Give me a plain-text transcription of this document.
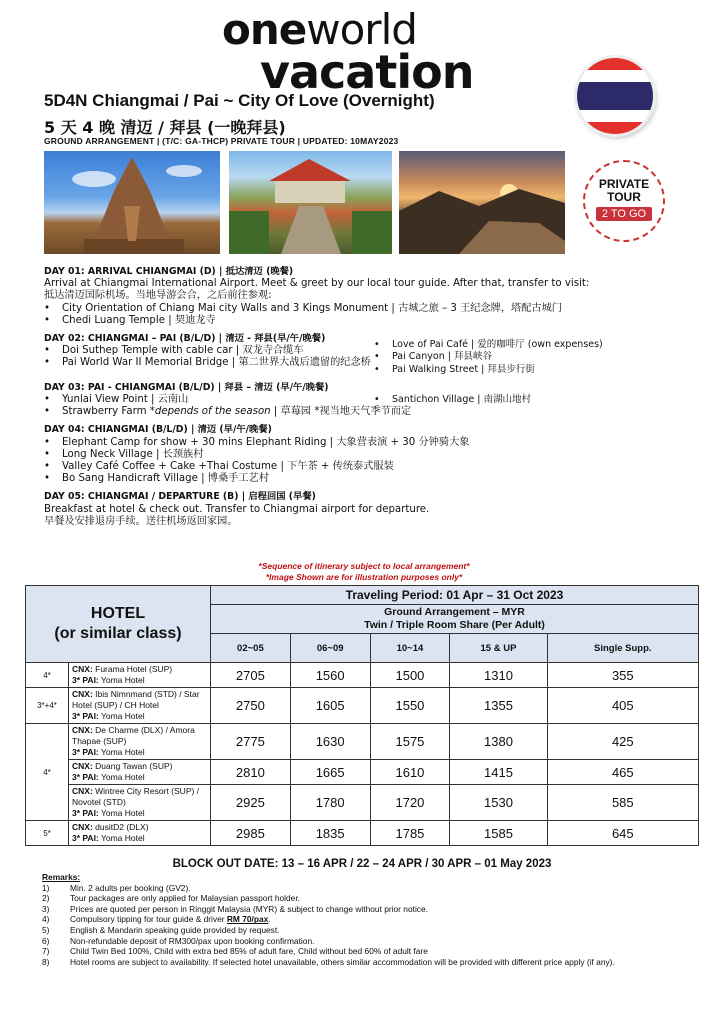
oneworld
vacation
5D4N Chiangmai / Pai ~ City Of Love (Overnight)
5 天 4 晚 清迈 / 拜县 (一晚拜县)
GROUND ARRANGEMENT | (T/C: GA-THCP) PRIVATE TOUR | UPDATED: 10MAY2023
PRIVATE
TOUR
2 TO GO

DAY 01: ARRIVAL CHIANGMAI (D) | 抵达清迈 (晚餐)

Arrival at Chiangmai International Airport. Meet & greet by our local tour guide. After that, transfer to visit:

抵达清迈国际机场。当地导游会合，之后前往参观:

• City Orientation of Chiang Mai city Walls and 3 Kings Monument | 古城之旅 – 3 王纪念牌，塔配古城门
• Chedi Luang Temple | 契迪龙寺

DAY 02: CHIANGMAI – PAI (B/L/D) | 清迈 - 拜县(早/午/晚餐)

• Doi Suthep Temple with cable car | 双龙寺合缆车
• Pai World War II Memorial Bridge | 第二世界大战后遗留的纪念桥
• Love of Pai Café | 爱的咖啡厅 (own expenses)
• Pai Canyon | 拜县峡谷
• Pai Walking Street | 拜县步行街

DAY 03: PAI - CHIANGMAI (B/L/D) | 拜县 – 清迈 (早/午/晚餐)

• Yunlai View Point | 云南山	• Santichon Village | 南湖山地村
• Strawberry Farm *depends of the season | 草莓园 *视当地天气季节而定

DAY 04: CHIANGMAI (B/L/D) | 清迈 (早/午/晚餐)

• Elephant Camp for show + 30 mins Elephant Riding | 大象营表演 + 30 分钟骑大象
• Long Neck Village | 长颈族村
• Valley Café Coffee + Cake +Thai Costume | 下午茶 + 传统泰式服装
• Bo Sang Handicraft Village | 博桑手工艺村

DAY 05: CHIANGMAI / DEPARTURE (B) | 启程回国 (早餐)

Breakfast at hotel & check out. Transfer to Chiangmai airport for departure.

早餐及安排退房手续。送往机场返回家园。

*Sequence of itinerary subject to local arrangement*
*Image Shown are for illustration purposes only*
HOTEL
(or similar class)		Traveling Period: 01 Apr – 31 Oct 2023				

		Ground Arrangement – MYR
Twin / Triple Room Share (Per Adult)				

		02~05	06~09	10~14	15 & UP	Single Supp.
4*	CNX: Furama Hotel (SUP)
3* PAI: Yoma Hotel	2705	1560	1500	1310	355
3*+4*	CNX: Ibis Nimnmand (STD) / Star Hotel (SUP) / CH Hotel
3* PAI: Yoma Hotel	2750	1605	1550	1355	405
4*	CNX: De Charme (DLX) / Amora Thapae (SUP)
3* PAI: Yoma Hotel	2775	1630	1575	1380	425
	CNX: Duang Tawan (SUP)
3* PAI: Yoma Hotel	2810	1665	1610	1415	465
	CNX: Wintree City Resort (SUP) / Novotel (STD)
3* PAI: Yoma Hotel	2925	1780	1720	1530	585
5*	CNX: dusitD2 (DLX)
3* PAI: Yoma Hotel	2985	1835	1785	1585	645
BLOCK OUT DATE: 13 – 16 APR / 22 – 24 APR / 30 APR – 01 May 2023
Remarks:
1) Min. 2 adults per booking (GV2).
2) Tour packages are only applied for Malaysian passport holder.
3) Prices are quoted per person in Ringgit Malaysia (MYR) & subject to change without prior notice.
4) Compulsory tipping for tour guide & driver RM 70/pax.
5) English & Mandarin speaking guide provided by request.
6) Non-refundable deposit of RM300/pax upon booking confirmation.
7) Child Twin Bed 100%, Child with extra bed 85% of adult fare, Child without bed 60% of adult fare
8) Hotel rooms are subject to availability. If selected hotel unavailable, others similar accommodation will be provided with different price apply (if any).
